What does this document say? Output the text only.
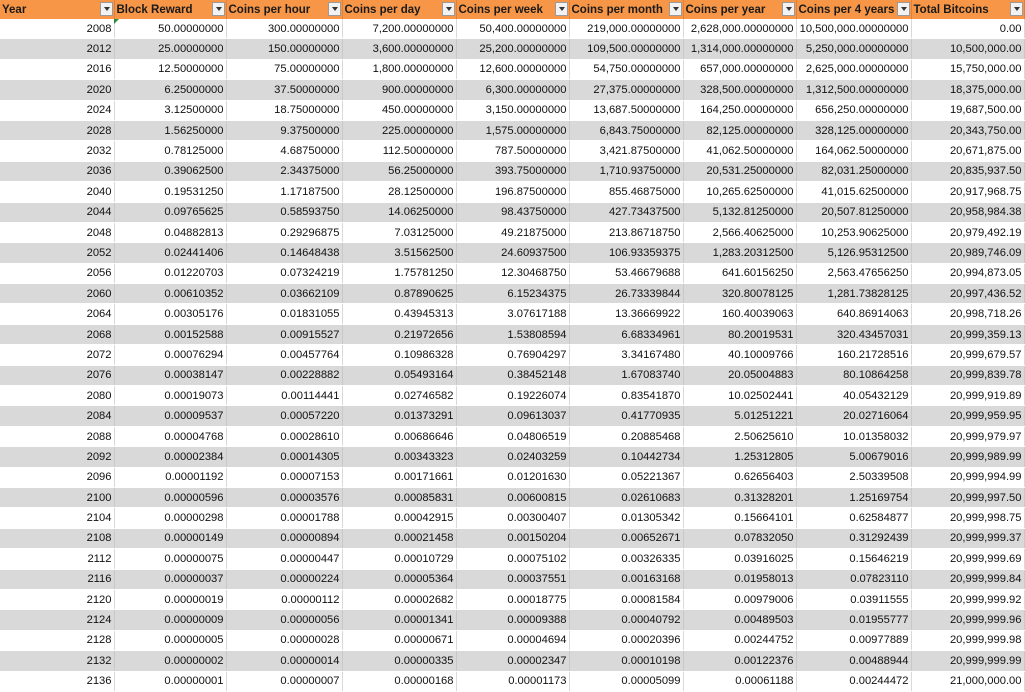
Year	Block Reward	Coins per hour	Coins per day	Coins per week	Coins per month	Coins per year	Coins per 4 years	Total Bitcoins

2008	50.00000000	300.00000000	7,200.00000000	50,400.00000000	219,000.00000000	2,628,000.00000000	10,500,000.00000000	0.00
2012	25.00000000	150.00000000	3,600.00000000	25,200.00000000	109,500.00000000	1,314,000.00000000	5,250,000.00000000	10,500,000.00
2016	12.50000000	75.00000000	1,800.00000000	12,600.00000000	54,750.00000000	657,000.00000000	2,625,000.00000000	15,750,000.00
2020	6.25000000	37.50000000	900.00000000	6,300.00000000	27,375.00000000	328,500.00000000	1,312,500.00000000	18,375,000.00
2024	3.12500000	18.75000000	450.00000000	3,150.00000000	13,687.50000000	164,250.00000000	656,250.00000000	19,687,500.00
2028	1.56250000	9.37500000	225.00000000	1,575.00000000	6,843.75000000	82,125.00000000	328,125.00000000	20,343,750.00
2032	0.78125000	4.68750000	112.50000000	787.50000000	3,421.87500000	41,062.50000000	164,062.50000000	20,671,875.00
2036	0.39062500	2.34375000	56.25000000	393.75000000	1,710.93750000	20,531.25000000	82,031.25000000	20,835,937.50
2040	0.19531250	1.17187500	28.12500000	196.87500000	855.46875000	10,265.62500000	41,015.62500000	20,917,968.75
2044	0.09765625	0.58593750	14.06250000	98.43750000	427.73437500	5,132.81250000	20,507.81250000	20,958,984.38
2048	0.04882813	0.29296875	7.03125000	49.21875000	213.86718750	2,566.40625000	10,253.90625000	20,979,492.19
2052	0.02441406	0.14648438	3.51562500	24.60937500	106.93359375	1,283.20312500	5,126.95312500	20,989,746.09
2056	0.01220703	0.07324219	1.75781250	12.30468750	53.46679688	641.60156250	2,563.47656250	20,994,873.05
2060	0.00610352	0.03662109	0.87890625	6.15234375	26.73339844	320.80078125	1,281.73828125	20,997,436.52
2064	0.00305176	0.01831055	0.43945313	3.07617188	13.36669922	160.40039063	640.86914063	20,998,718.26
2068	0.00152588	0.00915527	0.21972656	1.53808594	6.68334961	80.20019531	320.43457031	20,999,359.13
2072	0.00076294	0.00457764	0.10986328	0.76904297	3.34167480	40.10009766	160.21728516	20,999,679.57
2076	0.00038147	0.00228882	0.05493164	0.38452148	1.67083740	20.05004883	80.10864258	20,999,839.78
2080	0.00019073	0.00114441	0.02746582	0.19226074	0.83541870	10.02502441	40.05432129	20,999,919.89
2084	0.00009537	0.00057220	0.01373291	0.09613037	0.41770935	5.01251221	20.02716064	20,999,959.95
2088	0.00004768	0.00028610	0.00686646	0.04806519	0.20885468	2.50625610	10.01358032	20,999,979.97
2092	0.00002384	0.00014305	0.00343323	0.02403259	0.10442734	1.25312805	5.00679016	20,999,989.99
2096	0.00001192	0.00007153	0.00171661	0.01201630	0.05221367	0.62656403	2.50339508	20,999,994.99
2100	0.00000596	0.00003576	0.00085831	0.00600815	0.02610683	0.31328201	1.25169754	20,999,997.50
2104	0.00000298	0.00001788	0.00042915	0.00300407	0.01305342	0.15664101	0.62584877	20,999,998.75
2108	0.00000149	0.00000894	0.00021458	0.00150204	0.00652671	0.07832050	0.31292439	20,999,999.37
2112	0.00000075	0.00000447	0.00010729	0.00075102	0.00326335	0.03916025	0.15646219	20,999,999.69
2116	0.00000037	0.00000224	0.00005364	0.00037551	0.00163168	0.01958013	0.07823110	20,999,999.84
2120	0.00000019	0.00000112	0.00002682	0.00018775	0.00081584	0.00979006	0.03911555	20,999,999.92
2124	0.00000009	0.00000056	0.00001341	0.00009388	0.00040792	0.00489503	0.01955777	20,999,999.96
2128	0.00000005	0.00000028	0.00000671	0.00004694	0.00020396	0.00244752	0.00977889	20,999,999.98
2132	0.00000002	0.00000014	0.00000335	0.00002347	0.00010198	0.00122376	0.00488944	20,999,999.99
2136	0.00000001	0.00000007	0.00000168	0.00001173	0.00005099	0.00061188	0.00244472	21,000,000.00
